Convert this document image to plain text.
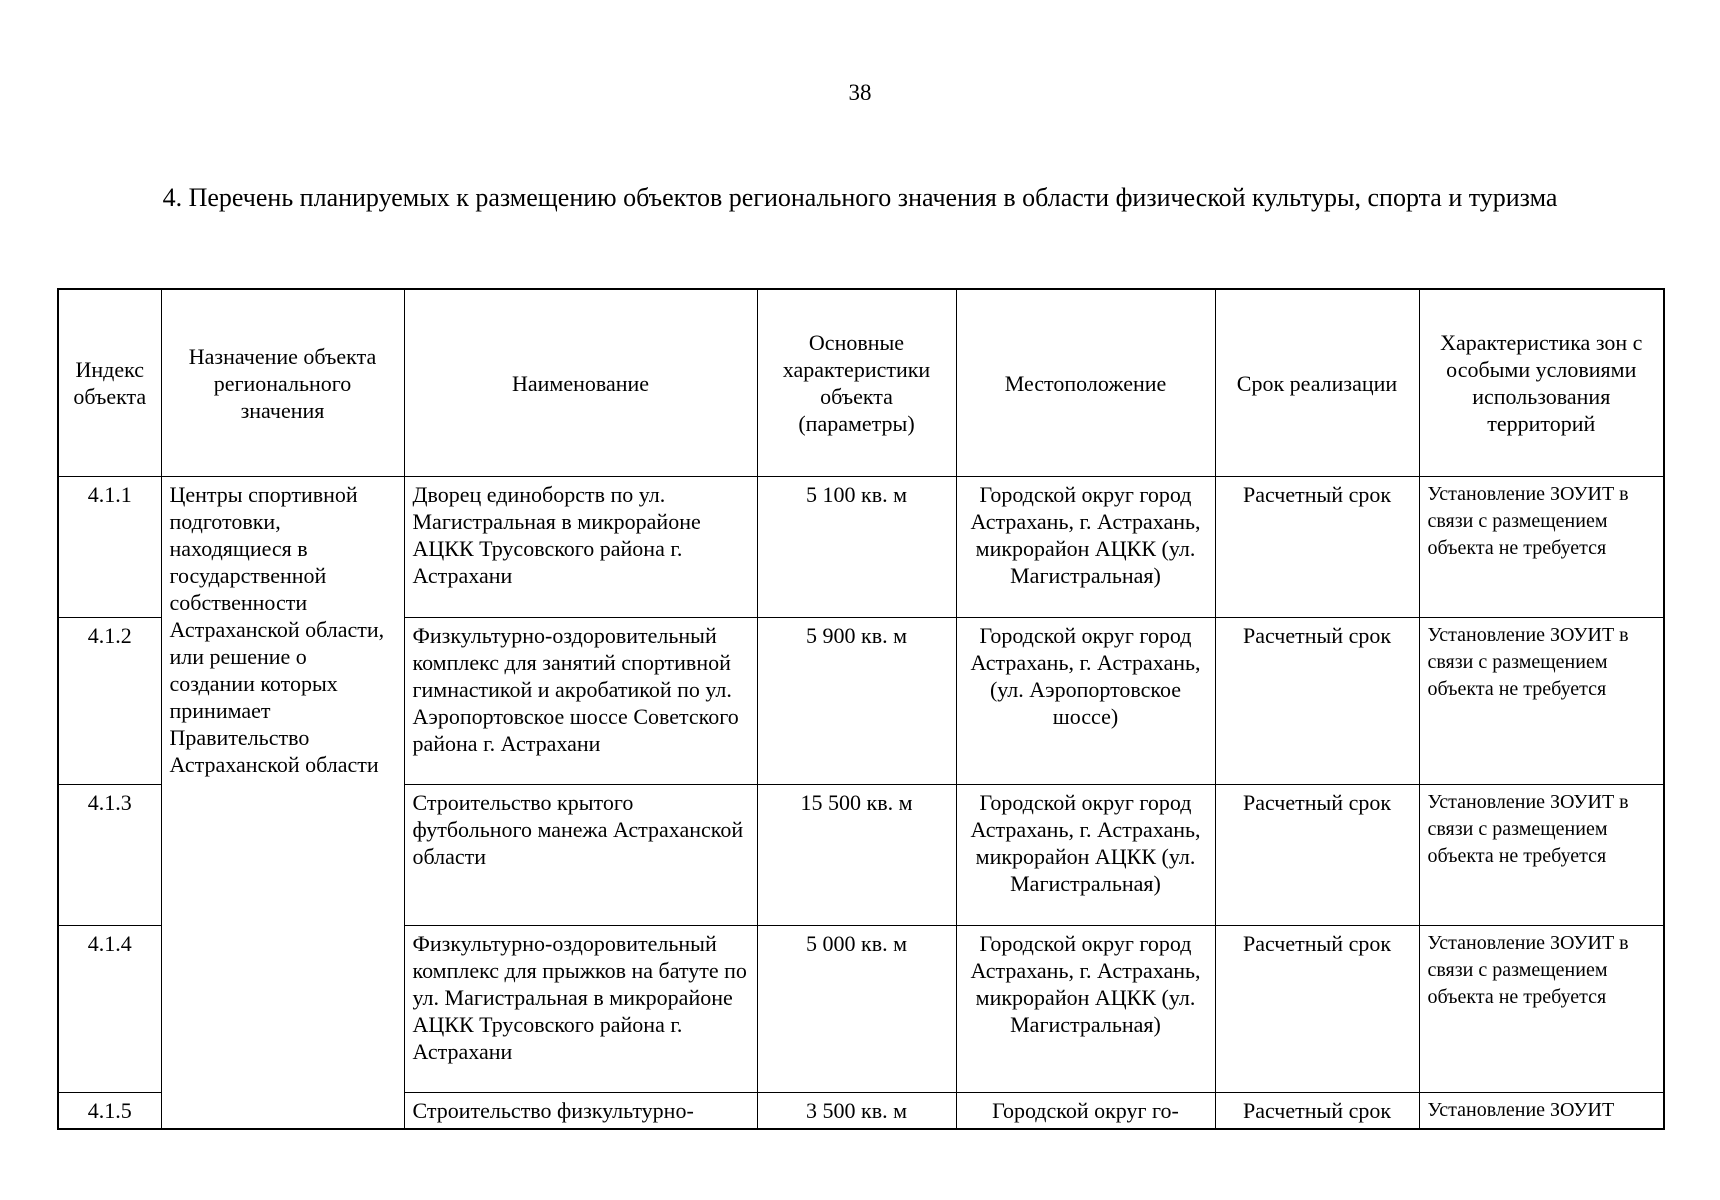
38
4. Перечень планируемых к размещению объектов регионального значения в области физической культуры, спорта и туризма
Индекс объекта	Назначение объекта регионального значения	Наименование	Основные характеристики объекта (параметры)	Местоположение	Срок реализации	Характеристика зон с особыми условиями использования территорий
4.1.1	Центры спортивной подготовки, находящиеся в государственной собственности Астраханской области, или решение о создании которых принимает Правительство Астраханской области	Дворец единоборств по ул. Магистральная в микрорайоне АЦКК Трусовского района г. Астрахани	5 100 кв. м	Городской округ город Астрахань, г. Астрахань, микрорайон АЦКК (ул. Магистральная)	Расчетный срок	Установление ЗОУИТ в связи с размещением объекта не требуется
4.1.2		Физкультурно-оздоровительный комплекс для занятий спортивной гимнастикой и акробатикой по ул. Аэропортовское шоссе Советского района г. Астрахани	5 900 кв. м	Городской округ город Астрахань, г. Астрахань, (ул. Аэропортовское шоссе)	Расчетный срок	Установление ЗОУИТ в связи с размещением объекта не требуется
4.1.3		Строительство крытого футбольного манежа Астраханской области	15 500 кв. м	Городской округ город Астрахань, г. Астрахань, микрорайон АЦКК (ул. Магистральная)	Расчетный срок	Установление ЗОУИТ в связи с размещением объекта не требуется
4.1.4		Физкультурно-оздоровительный комплекс для прыжков на батуте по ул. Магистральная в микрорайоне АЦКК Трусовского района г. Астрахани	5 000 кв. м	Городской округ город Астрахань, г. Астрахань, микрорайон АЦКК (ул. Магистральная)	Расчетный срок	Установление ЗОУИТ в связи с размещением объекта не требуется
4.1.5		Строительство физкультурно-	3 500 кв. м	Городской округ го-	Расчетный срок	Установление ЗОУИТ
